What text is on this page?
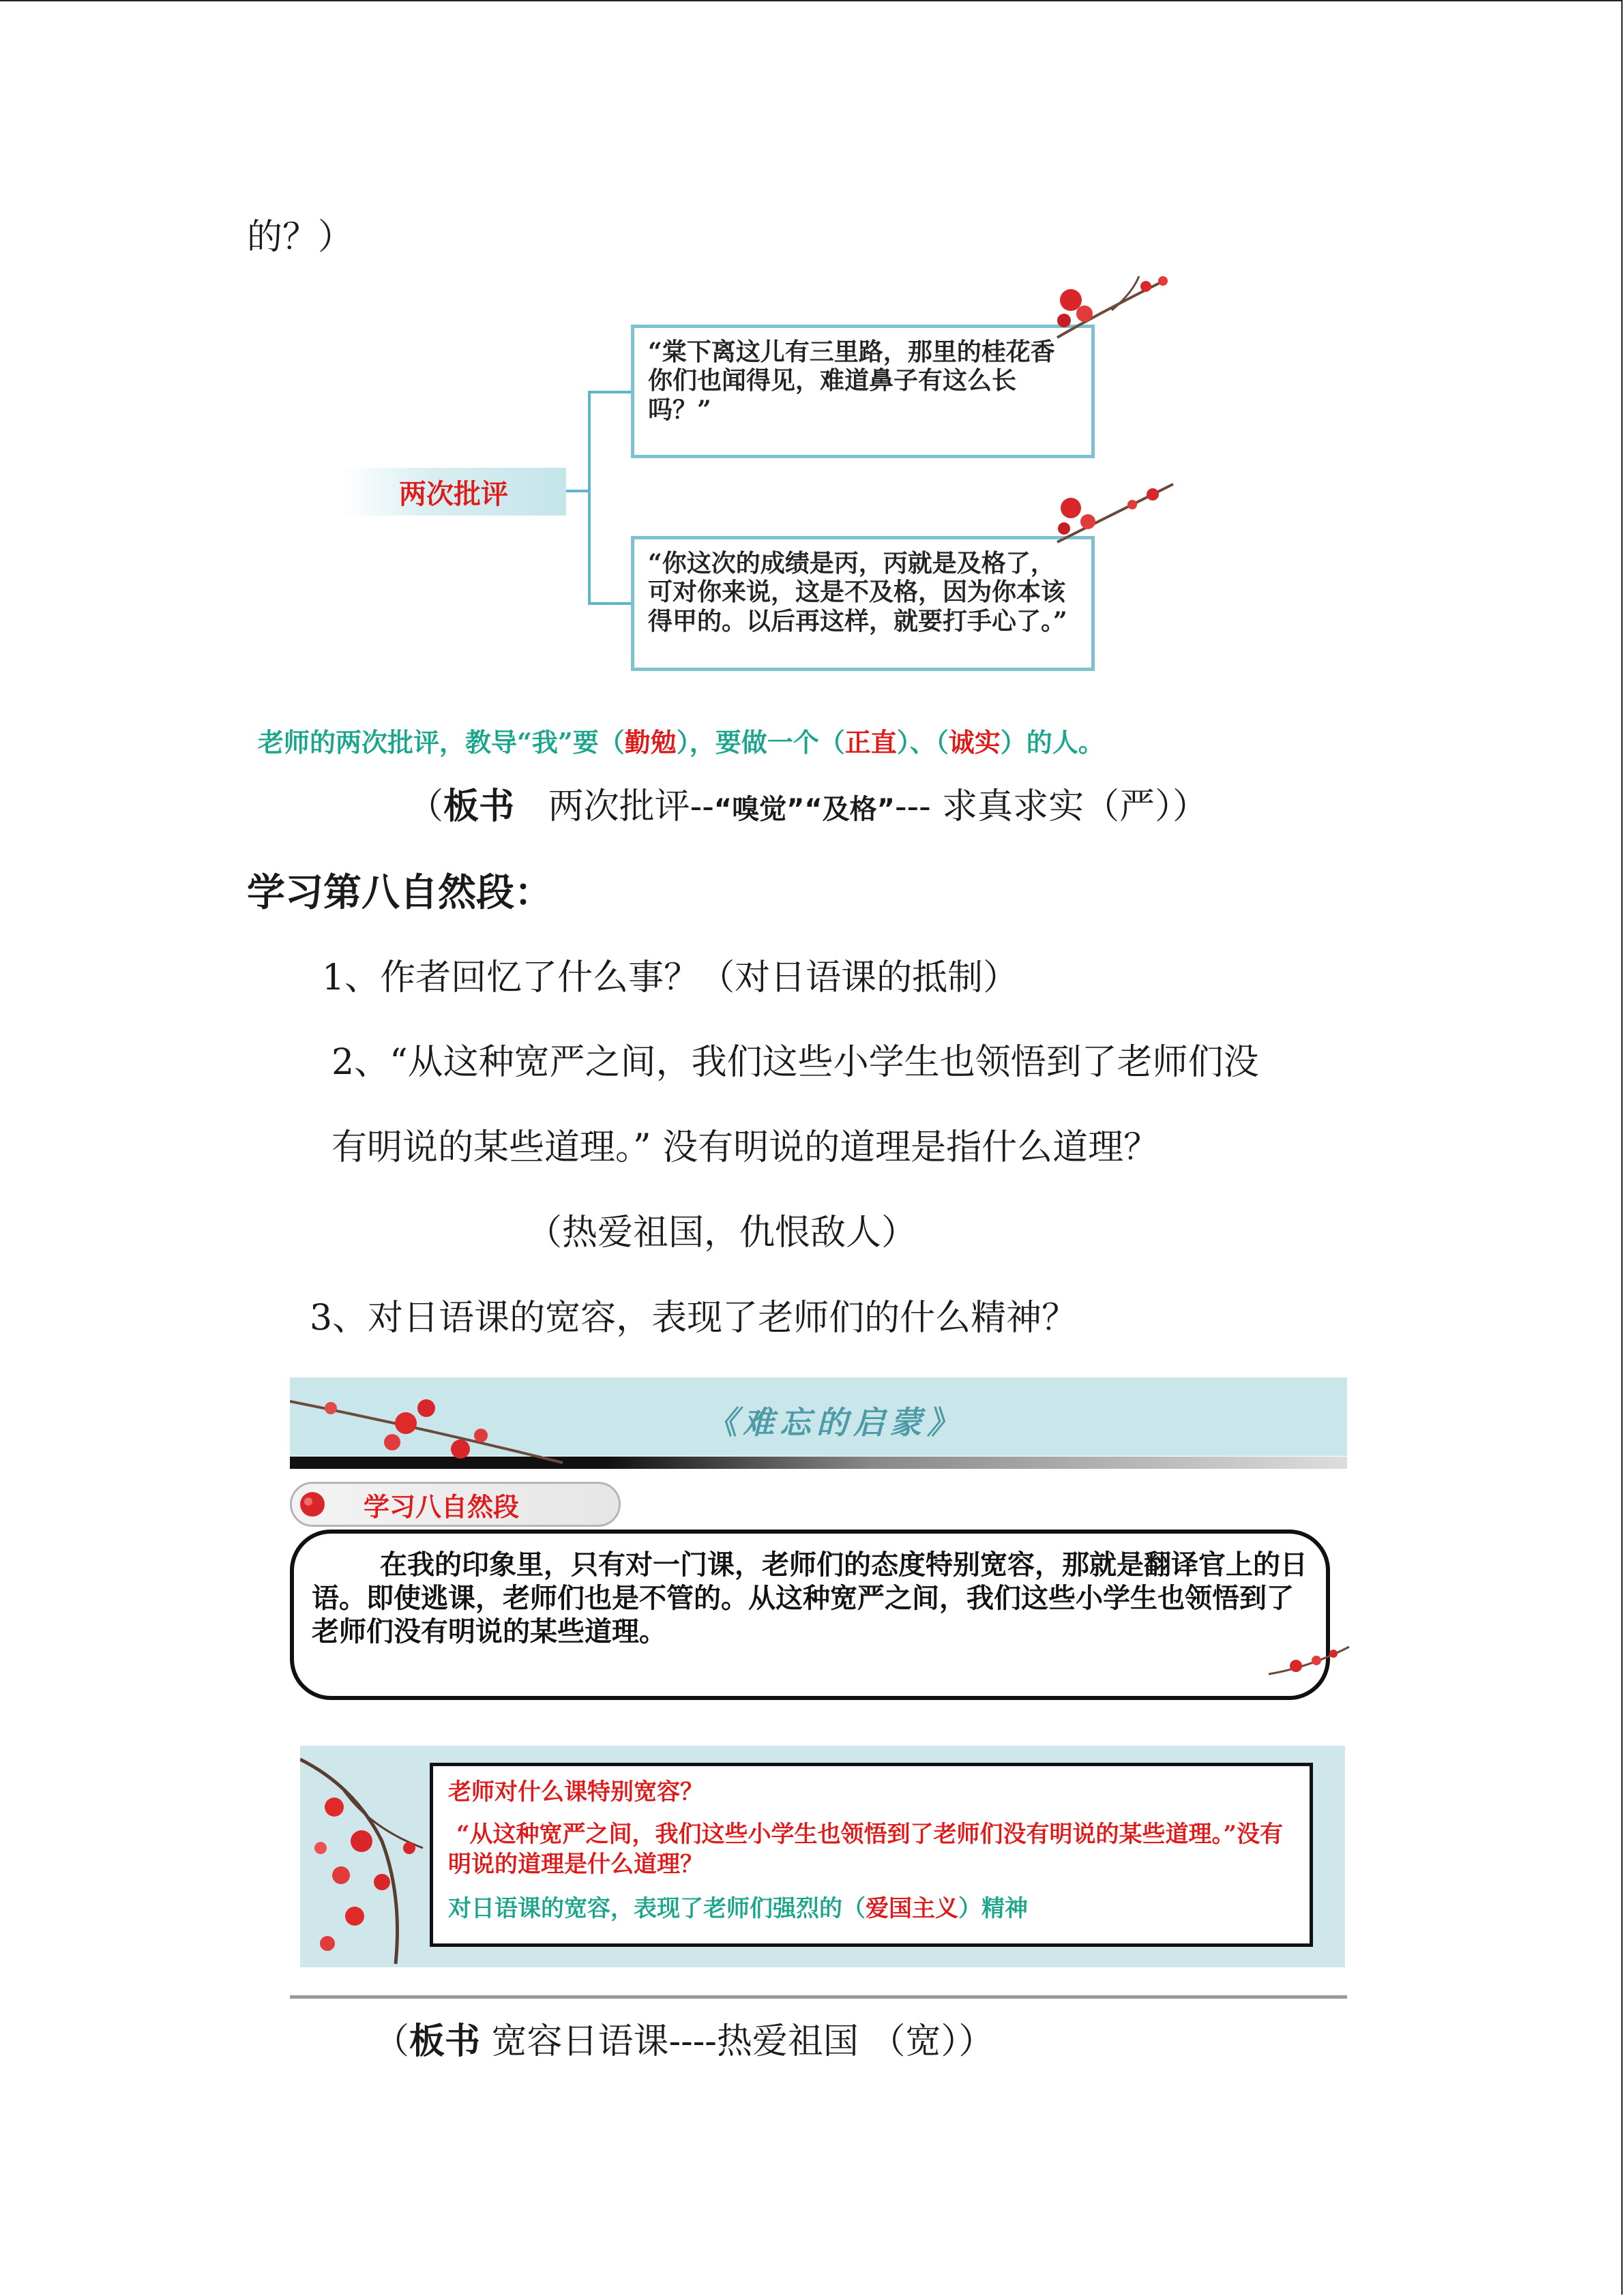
的？）
两次批评
“棠下离这儿有三里路，那里的桂花香你们也闻得见，难道鼻子有这么长吗？”
“你这次的成绩是丙，丙就是及格了，可对你来说，这是不及格，因为你本该得甲的。以后再这样，就要打手心了。”
老师的两次批评，教导“我”要（勤勉），要做一个（正直）、（诚实）的人。
（板书 两次批评--“嗅觉”“及格”--- 求真求实（严））
学习第八自然段：
1、作者回忆了什么事？（对日语课的抵制）
2、“从这种宽严之间，我们这些小学生也领悟到了老师们没
有明说的某些道理。” 没有明说的道理是指什么道理？
（热爱祖国，仇恨敌人）
3、对日语课的宽容，表现了老师们的什么精神？
《难忘的启蒙》
学习八自然段
在我的印象里，只有对一门课，老师们的态度特别宽容，那就是翻译官上的日语。即使逃课，老师们也是不管的。从这种宽严之间，我们这些小学生也领悟到了老师们没有明说的某些道理。

老师对什么课特别宽容？

“从这种宽严之间，我们这些小学生也领悟到了老师们没有明说的某些道理。”没有明说的道理是什么道理？

对日语课的宽容，表现了老师们强烈的（爱国主义）精神

（板书 宽容日语课----热爱祖国 （宽））
